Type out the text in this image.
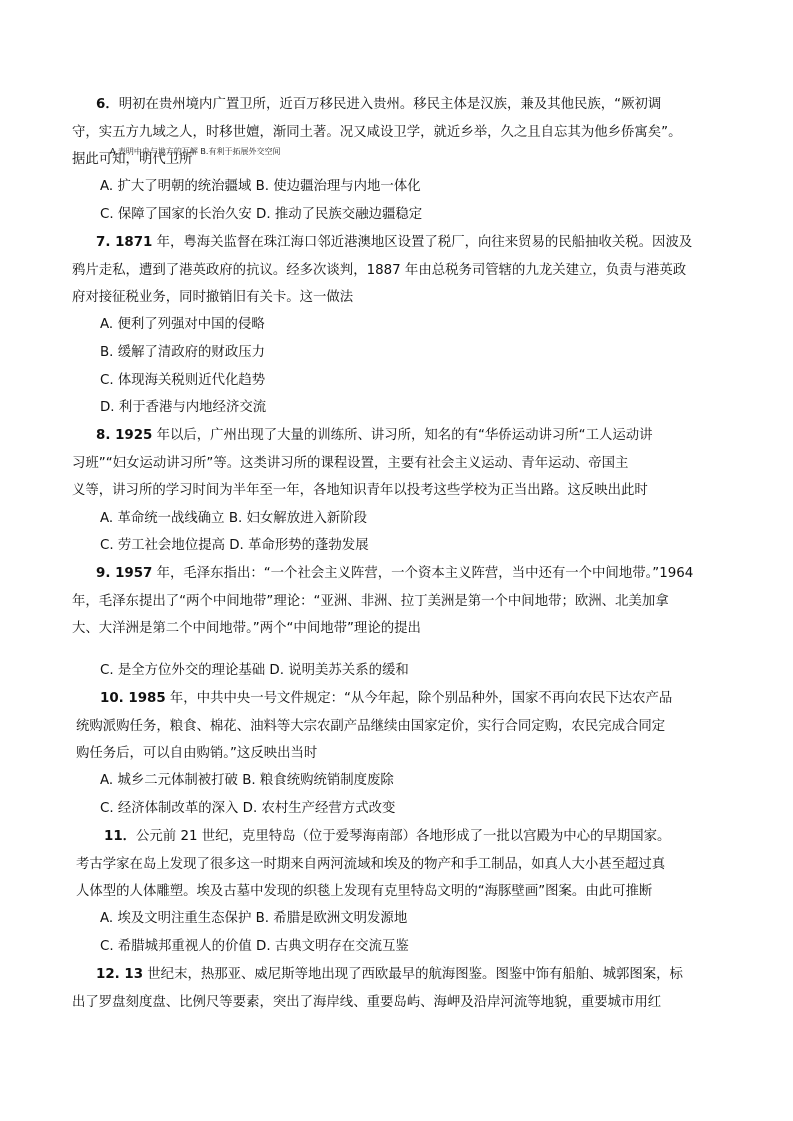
6．明初在贵州境内广置卫所，近百万移民进入贵州。移民主体是汉族，兼及其他民族，“厥初调
守，实五方九域之人，时移世嬗，渐同土著。况又咸设卫学，就近乡举，久之且自忘其为他乡侨寓矣”。
据此可知，明代卫所
A.表明中央与地方的瓦解 B.有利于拓展外交空间
A. 扩大了明朝的统治疆域 B. 使边疆治理与内地一体化
C. 保障了国家的长治久安 D. 推动了民族交融边疆稳定
7. 1871 年，粤海关监督在珠江海口邻近港澳地区设置了税厂，向往来贸易的民船抽收关税。因波及
鸦片走私，遭到了港英政府的抗议。经多次谈判，1887 年由总税务司管辖的九龙关建立，负责与港英政
府对接征税业务，同时撤销旧有关卡。这一做法
A. 便利了列强对中国的侵略
B. 缓解了清政府的财政压力
C. 体现海关税则近代化趋势
D. 利于香港与内地经济交流
8. 1925 年以后，广州出现了大量的训练所、讲习所，知名的有“华侨运动讲习所“工人运动讲
习班”“妇女运动讲习所”等。这类讲习所的课程设置，主要有社会主义运动、青年运动、帝国主
义等，讲习所的学习时间为半年至一年，各地知识青年以投考这些学校为正当出路。这反映出此时
A. 革命统一战线确立 B. 妇女解放进入新阶段
C. 劳工社会地位提高 D. 革命形势的蓬勃发展
9. 1957 年，毛泽东指出：“一个社会主义阵营，一个资本主义阵营，当中还有一个中间地带。”1964
年，毛泽东提出了“两个中间地带”理论：“亚洲、非洲、拉丁美洲是第一个中间地带；欧洲、北美加拿
大、大洋洲是第二个中间地带。”两个“中间地带”理论的提出
C. 是全方位外交的理论基础 D. 说明美苏关系的缓和
10. 1985 年，中共中央一号文件规定：“从今年起，除个别品种外，国家不再向农民下达农产品
统购派购任务，粮食、棉花、油料等大宗农副产品继续由国家定价，实行合同定购，农民完成合同定
购任务后，可以自由购销。”这反映出当时
A. 城乡二元体制被打破 B. 粮食统购统销制度废除
C. 经济体制改革的深入 D. 农村生产经营方式改变
11．公元前 21 世纪，克里特岛（位于爱琴海南部）各地形成了一批以宫殿为中心的早期国家。
考古学家在岛上发现了很多这一时期来自两河流域和埃及的物产和手工制品，如真人大小甚至超过真
人体型的人体雕塑。埃及古墓中发现的织毯上发现有克里特岛文明的“海豚壁画”图案。由此可推断
A. 埃及文明注重生态保护 B. 希腊是欧洲文明发源地
C. 希腊城邦重视人的价值 D. 古典文明存在交流互鉴
12. 13 世纪末，热那亚、威尼斯等地出现了西欧最早的航海图鉴。图鉴中饰有船舶、城郭图案，标
出了罗盘刻度盘、比例尺等要素，突出了海岸线、重要岛屿、海岬及沿岸河流等地貌，重要城市用红
